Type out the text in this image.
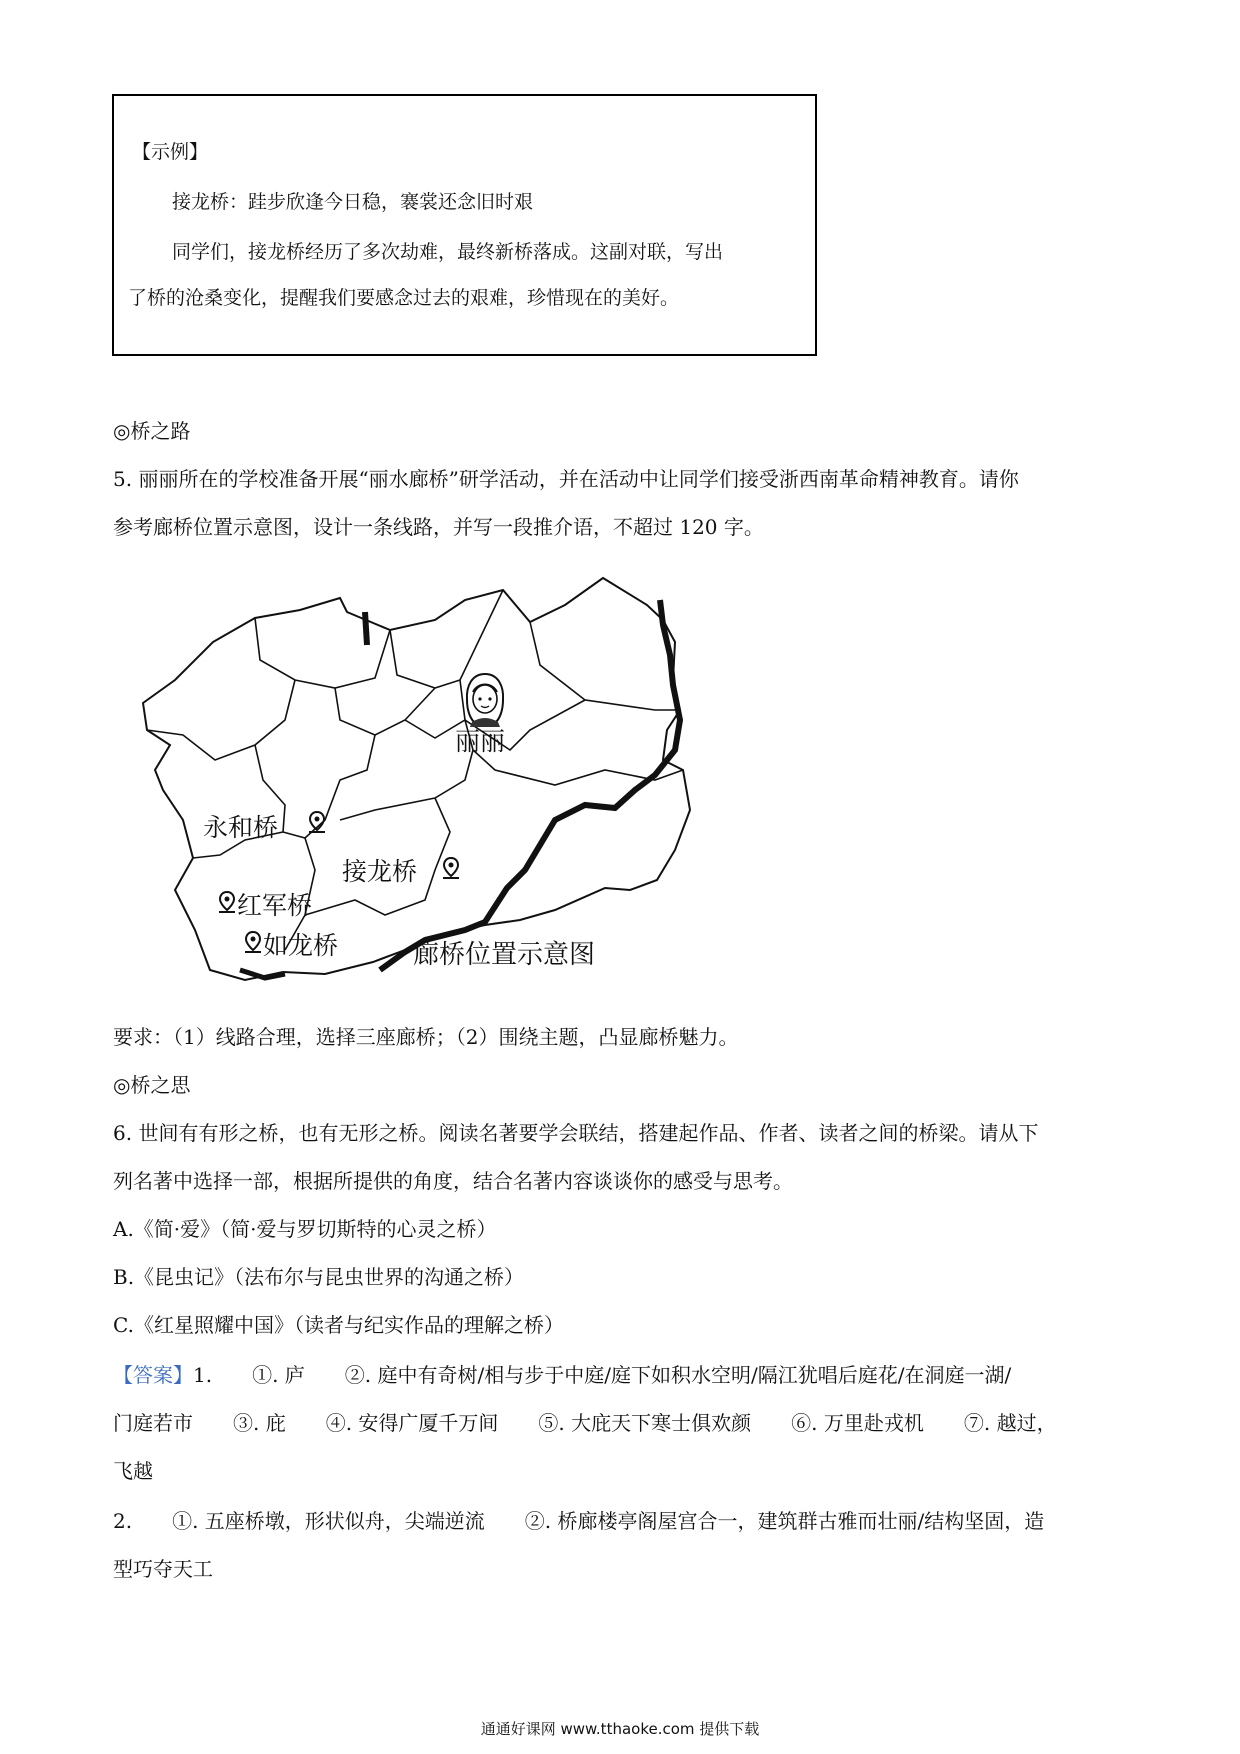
【示例】
接龙桥：跬步欣逢今日稳，褰裳还念旧时艰
同学们，接龙桥经历了多次劫难，最终新桥落成。这副对联，写出
了桥的沧桑变化，提醒我们要感念过去的艰难，珍惜现在的美好。
◎桥之路
5. 丽丽所在的学校准备开展“丽水廊桥”研学活动，并在活动中让同学们接受浙西南革命精神教育。请你
参考廊桥位置示意图，设计一条线路，并写一段推介语，不超过 120 字。
丽丽
永和桥
接龙桥
红军桥
如龙桥	廊桥位置示意图
要求：（1）线路合理，选择三座廊桥；（2）围绕主题，凸显廊桥魅力。
◎桥之思
6. 世间有有形之桥，也有无形之桥。阅读名著要学会联结，搭建起作品、作者、读者之间的桥梁。请从下
列名著中选择一部，根据所提供的角度，结合名著内容谈谈你的感受与思考。
A.《简·爱》（简·爱与罗切斯特的心灵之桥）
B.《昆虫记》（法布尔与昆虫世界的沟通之桥）
C.《红星照耀中国》（读者与纪实作品的理解之桥）
【答案】1.　　①. 庐　　②. 庭中有奇树/相与步于中庭/庭下如积水空明/隔江犹唱后庭花/在洞庭一湖/
门庭若市　　③. 庇　　④. 安得广厦千万间　　⑤. 大庇天下寒士俱欢颜　　⑥. 万里赴戎机　　⑦. 越过，
飞越
2.　　①. 五座桥墩，形状似舟，尖端逆流　　②. 桥廊楼亭阁屋宫合一，建筑群古雅而壮丽/结构坚固，造
型巧夺天工
通通好课网 www.tthaoke.com 提供下载
